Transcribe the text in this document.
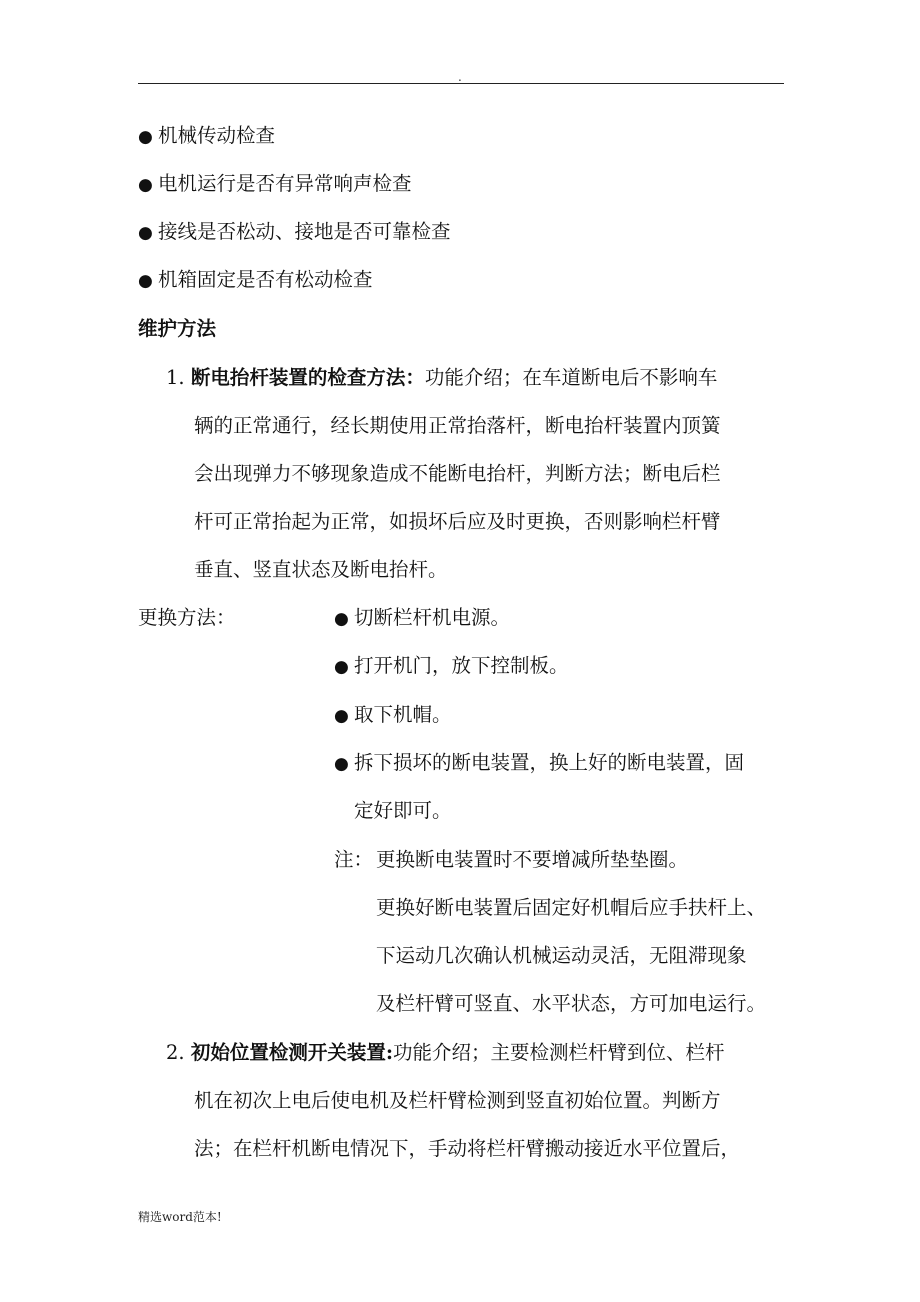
.
● 机械传动检查
● 电机运行是否有异常响声检查
● 接线是否松动、接地是否可靠检查
● 机箱固定是否有松动检查
维护方法
1. 断电抬杆装置的检查方法：功能介绍；在车道断电后不影响车
辆的正常通行，经长期使用正常抬落杆，断电抬杆装置内顶簧
会出现弹力不够现象造成不能断电抬杆，判断方法；断电后栏
杆可正常抬起为正常，如损坏后应及时更换，否则影响栏杆臂
垂直、竖直状态及断电抬杆。
更换方法：	● 切断栏杆机电源。
● 打开机门，放下控制板。
● 取下机帽。
● 拆下损坏的断电装置，换上好的断电装置，固
定好即可。
注： 更换断电装置时不要增减所垫垫圈。
更换好断电装置后固定好机帽后应手扶杆上、
下运动几次确认机械运动灵活，无阻滞现象
及栏杆臂可竖直、水平状态，方可加电运行。
2. 初始位置检测开关装置:功能介绍；主要检测栏杆臂到位、栏杆
机在初次上电后使电机及栏杆臂检测到竖直初始位置。判断方
法；在栏杆机断电情况下，手动将栏杆臂搬动接近水平位置后，
精选word范本!
